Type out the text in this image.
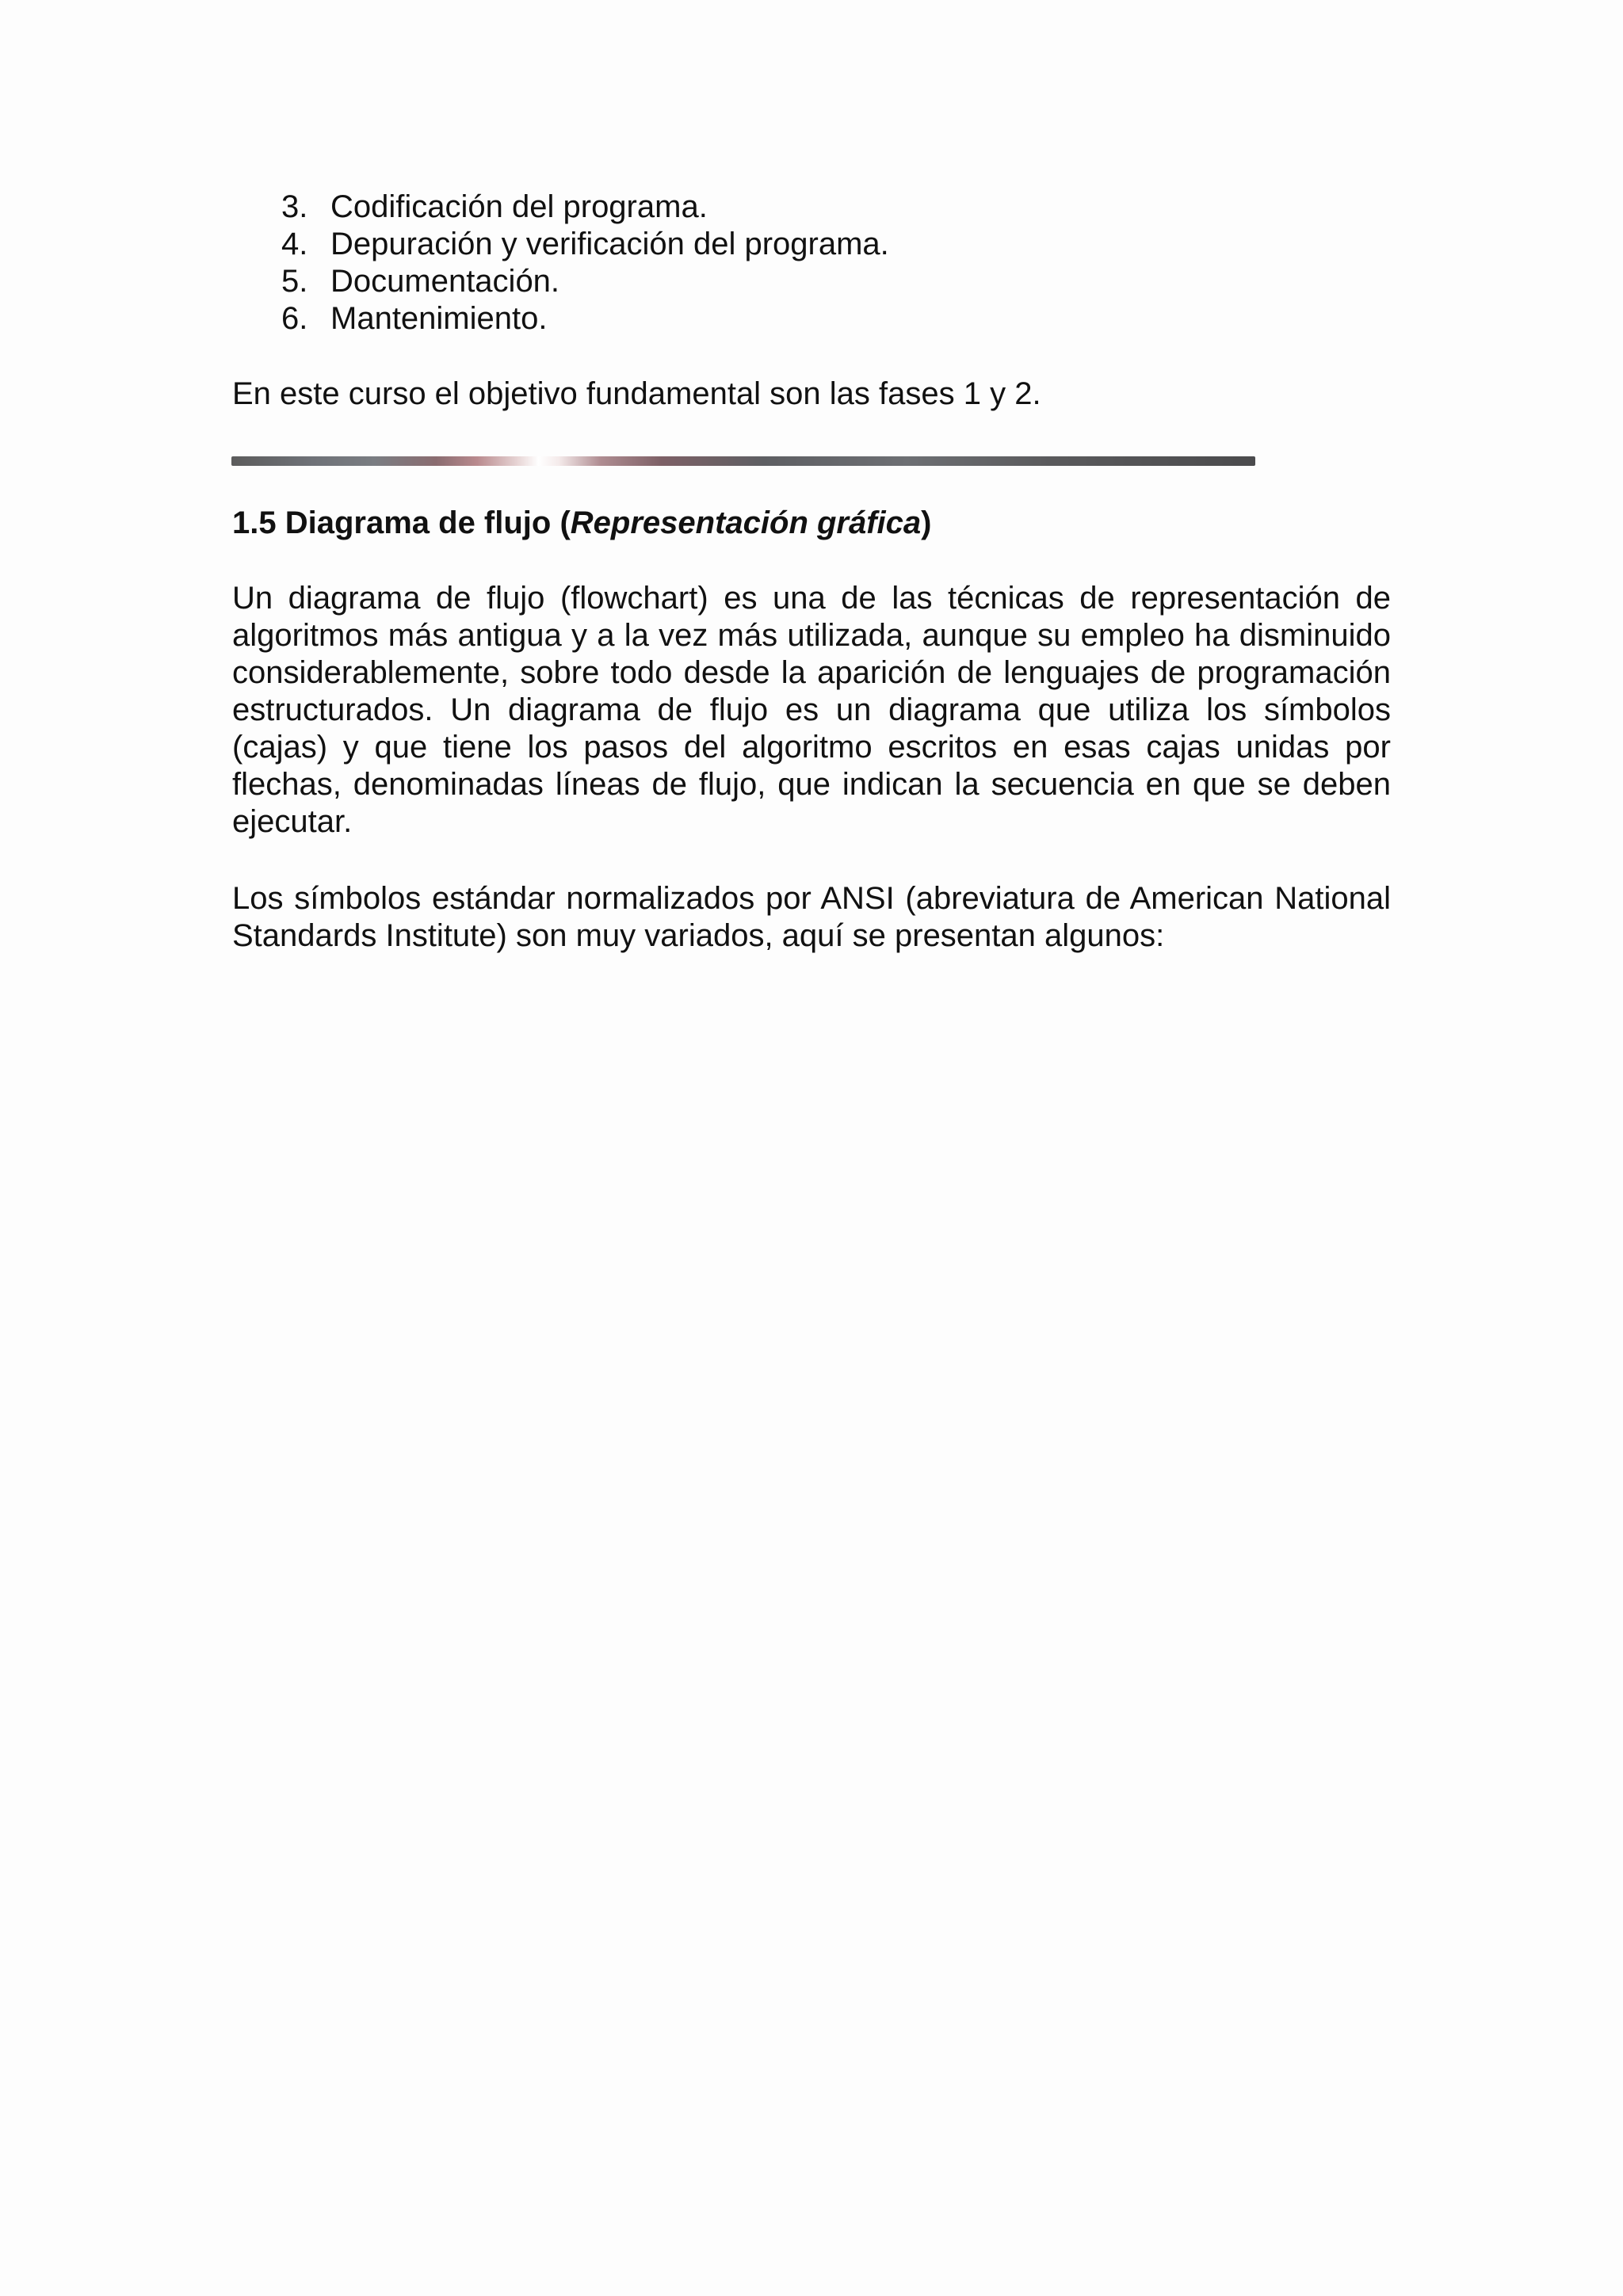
3. Codificación del programa.
4. Depuración y verificación del programa.
5. Documentación.
6. Mantenimiento.

En este curso el objetivo fundamental son las fases 1 y 2.

1.5 Diagrama de flujo (Representación gráfica)

Un diagrama de flujo (flowchart) es una de las técnicas de representación de algoritmos más antigua y a la vez más utilizada, aunque su empleo ha disminuido considerablemente, sobre todo desde la aparición de lenguajes de programación estructurados. Un diagrama de flujo es un diagrama que utiliza los símbolos (cajas) y que tiene los pasos del algoritmo escritos en esas cajas unidas por flechas, denominadas líneas de flujo, que indican la secuencia en que se deben ejecutar.

Los símbolos estándar normalizados por ANSI (abreviatura de American National Standards Institute) son muy variados, aquí se presentan algunos:
